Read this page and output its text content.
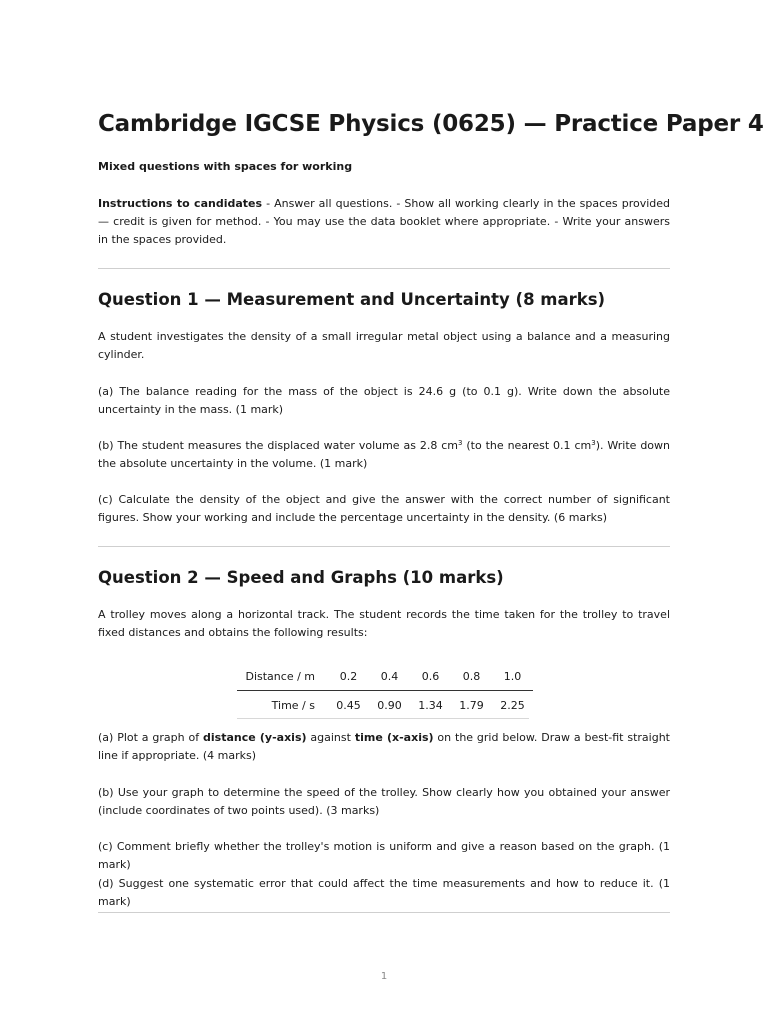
Cambridge IGCSE Physics (0625) — Practice Paper 4
Mixed questions with spaces for working
Instructions to candidates - Answer all questions. - Show all working clearly in the spaces provided — credit is given for method. - You may use the data booklet where appropriate. - Write your answers in the spaces provided.
Question 1 — Measurement and Uncertainty (8 marks)

A student investigates the density of a small irregular metal object using a balance and a measuring cylinder.

(a) The balance reading for the mass of the object is 24.6 g (to 0.1 g). Write down the absolute uncertainty in the mass. (1 mark)

(b) The student measures the displaced water volume as 2.8 $cm^3$ (to the nearest 0.1 $cm^3$). Write down the absolute uncertainty in the volume. (1 mark)

(c) Calculate the density of the object and give the answer with the correct number of significant figures. Show your working and include the percentage uncertainty in the density. (6 marks)

Question 2 — Speed and Graphs (10 marks)

A trolley moves along a horizontal track. The student records the time taken for the trolley to travel fixed distances and obtains the following results:

Distance / m	0.2	0.4	0.6	0.8	1.0
Time / s	0.45	0.90	1.34	1.79	2.25
(a) Plot a graph of distance (y-axis) against time (x-axis) on the grid below. Draw a best-fit straight line if appropriate. (4 marks)

(b) Use your graph to determine the speed of the trolley. Show clearly how you obtained your answer (include coordinates of two points used). (3 marks)

(c) Comment briefly whether the trolley's motion is uniform and give a reason based on the graph. (1 mark)

(d) Suggest one systematic error that could affect the time measurements and how to reduce it. (1 mark)

1
